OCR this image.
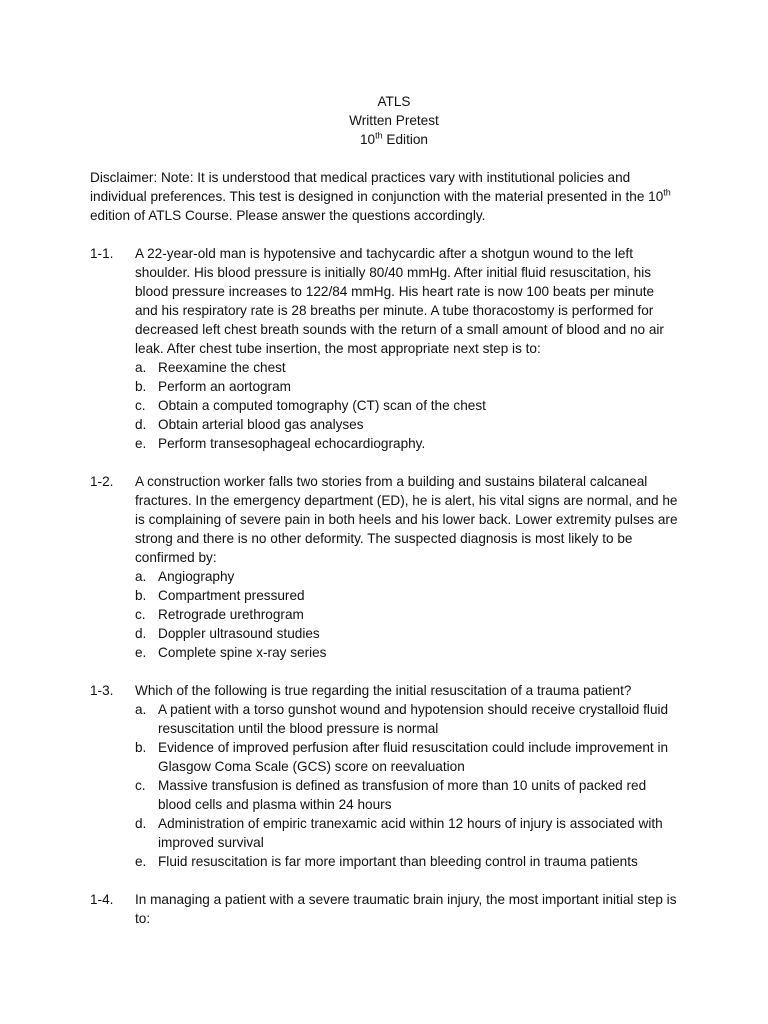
ATLS
Written Pretest
10th Edition
Disclaimer: Note: It is understood that medical practices vary with institutional policies and individual preferences. This test is designed in conjunction with the material presented in the 10th edition of ATLS Course. Please answer the questions accordingly.
1-1.	A 22-year-old man is hypotensive and tachycardic after a shotgun wound to the left shoulder. His blood pressure is initially 80/40 mmHg. After initial fluid resuscitation, his blood pressure increases to 122/84 mmHg. His heart rate is now 100 beats per minute and his respiratory rate is 28 breaths per minute. A tube thoracostomy is performed for decreased left chest breath sounds with the return of a small amount of blood and no air leak. After chest tube insertion, the most appropriate next step is to:
a. Reexamine the chest
b. Perform an aortogram
c. Obtain a computed tomography (CT) scan of the chest
d. Obtain arterial blood gas analyses
e. Perform transesophageal echocardiography.
1-2.	A construction worker falls two stories from a building and sustains bilateral calcaneal fractures. In the emergency department (ED), he is alert, his vital signs are normal, and he is complaining of severe pain in both heels and his lower back. Lower extremity pulses are strong and there is no other deformity. The suspected diagnosis is most likely to be confirmed by:
a. Angiography
b. Compartment pressured
c. Retrograde urethrogram
d. Doppler ultrasound studies
e. Complete spine x-ray series
1-3.	Which of the following is true regarding the initial resuscitation of a trauma patient?
a. A patient with a torso gunshot wound and hypotension should receive crystalloid fluid resuscitation until the blood pressure is normal
b. Evidence of improved perfusion after fluid resuscitation could include improvement in Glasgow Coma Scale (GCS) score on reevaluation
c. Massive transfusion is defined as transfusion of more than 10 units of packed red blood cells and plasma within 24 hours
d. Administration of empiric tranexamic acid within 12 hours of injury is associated with improved survival
e. Fluid resuscitation is far more important than bleeding control in trauma patients
1-4.	In managing a patient with a severe traumatic brain injury, the most important initial step is to:
